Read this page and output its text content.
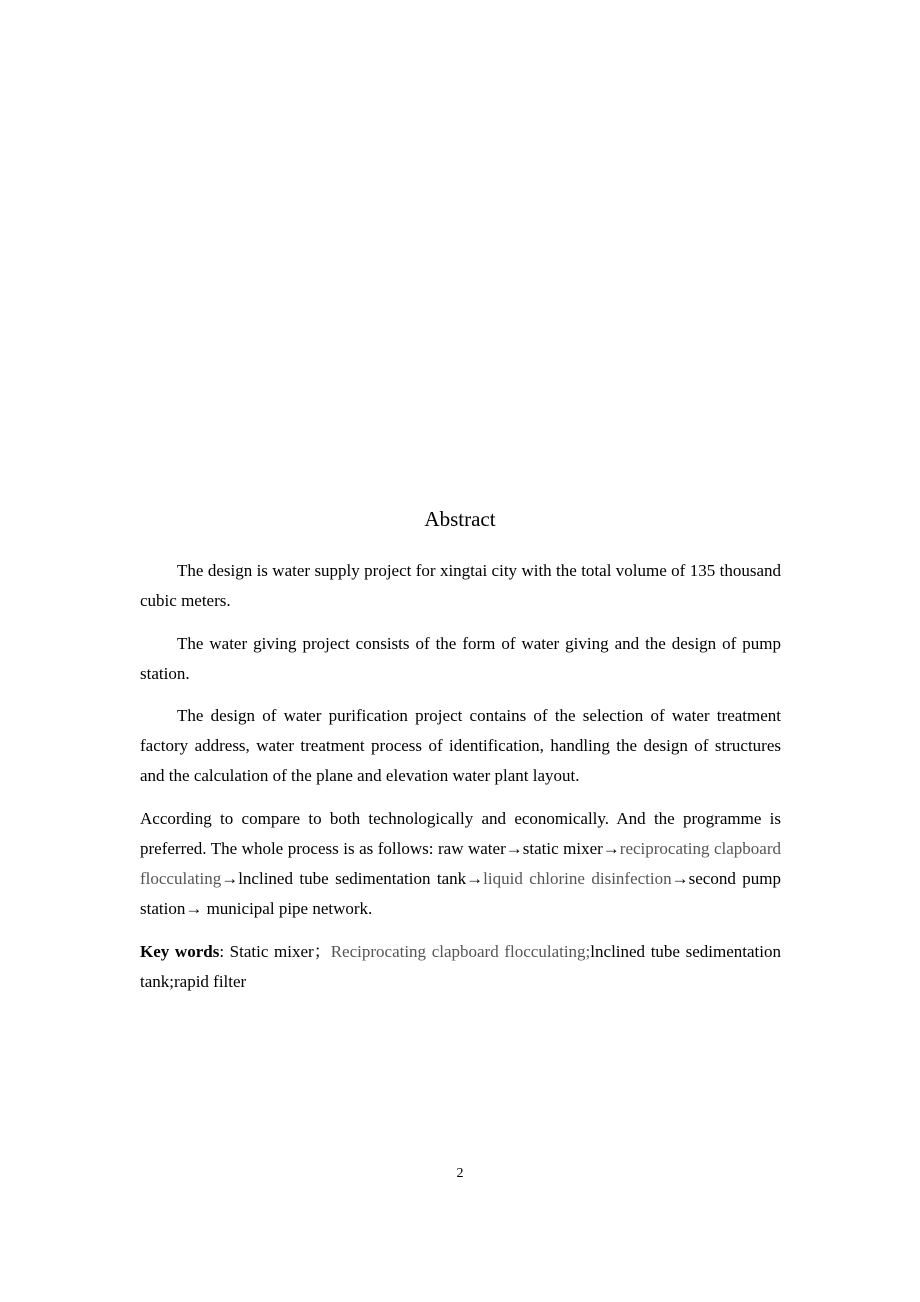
Abstract

The design is water supply project for xingtai city with the total volume of 135 thousand cubic meters.

The water giving project consists of the form of water giving and the design of pump station.

The design of water purification project contains of the selection of water treatment factory address, water treatment process of identification, handling the design of structures and the calculation of the plane and elevation water plant layout.

According to compare to both technologically and economically. And the programme is preferred. The whole process is as follows: raw water→static mixer→reciprocating clapboard flocculating→lnclined tube sedimentation tank→liquid chlorine disinfection→second pump station→ municipal pipe network.

Key words: Static mixer；Reciprocating clapboard flocculating;lnclined tube sedimentation tank;rapid filter

2
